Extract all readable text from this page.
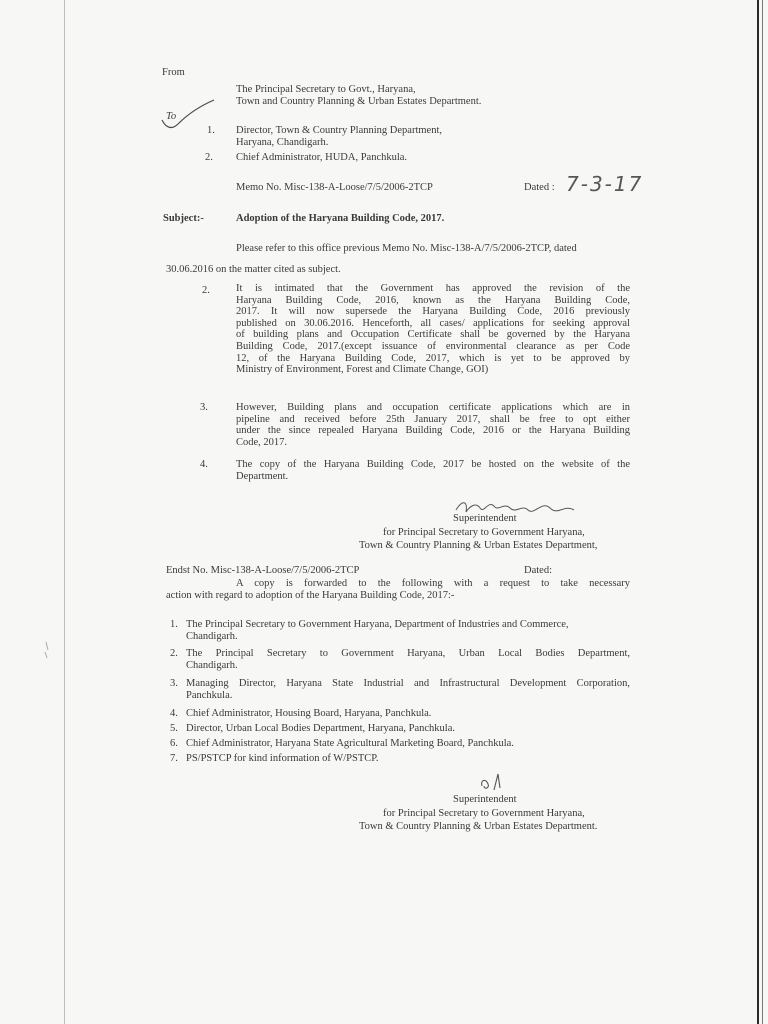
From
The Principal Secretary to Govt., Haryana,
Town and Country Planning & Urban Estates Department.
To
1. Director, Town & Country Planning Department,
Haryana, Chandigarh.
2. Chief Administrator, HUDA, Panchkula.
Memo No. Misc-138-A-Loose/7/5/2006-2TCP	Dated : 7-3-17
Subject:-	Adoption of the Haryana Building Code, 2017.
Please refer to this office previous Memo No. Misc-138-A/7/5/2006-2TCP, dated
30.06.2016 on the matter cited as subject.
2. It is intimated that the Government has approved the revision of the
Haryana Building Code, 2016, known as the Haryana Building Code,
2017. It will now supersede the Haryana Building Code, 2016 previously
published on 30.06.2016. Henceforth, all cases/ applications for seeking approval
of building plans and Occupation Certificate shall be governed by the Haryana
Building Code, 2017.(except issuance of environmental clearance as per Code
12, of the Haryana Building Code, 2017, which is yet to be approved by
Ministry of Environment, Forest and Climate Change, GOI)
3.	However, Building plans and occupation certificate applications which are in
pipeline and received before 25th January 2017, shall be free to opt either
under the since repealed Haryana Building Code, 2016 or the Haryana Building
Code, 2017.
4.	The copy of the Haryana Building Code, 2017 be hosted on the website of the
Department.
Superintendent
for Principal Secretary to Government Haryana,
Town & Country Planning & Urban Estates Department,
Endst No. Misc-138-A-Loose/7/5/2006-2TCP	Dated:
A copy is forwarded to the following with a request to take necessary
action with regard to adoption of the Haryana Building Code, 2017:-
1. The Principal Secretary to Government Haryana, Department of Industries and Commerce,
Chandigarh.
2. The Principal Secretary to Government Haryana, Urban Local Bodies Department,
Chandigarh.
3. Managing Director, Haryana State Industrial and Infrastructural Development Corporation,
Panchkula.
4. Chief Administrator, Housing Board, Haryana, Panchkula.
5. Director, Urban Local Bodies Department, Haryana, Panchkula.
6. Chief Administrator, Haryana State Agricultural Marketing Board, Panchkula.
7. PS/PSTCP for kind information of W/PSTCP.
Superintendent
for Principal Secretary to Government Haryana,
Town & Country Planning & Urban Estates Department.
